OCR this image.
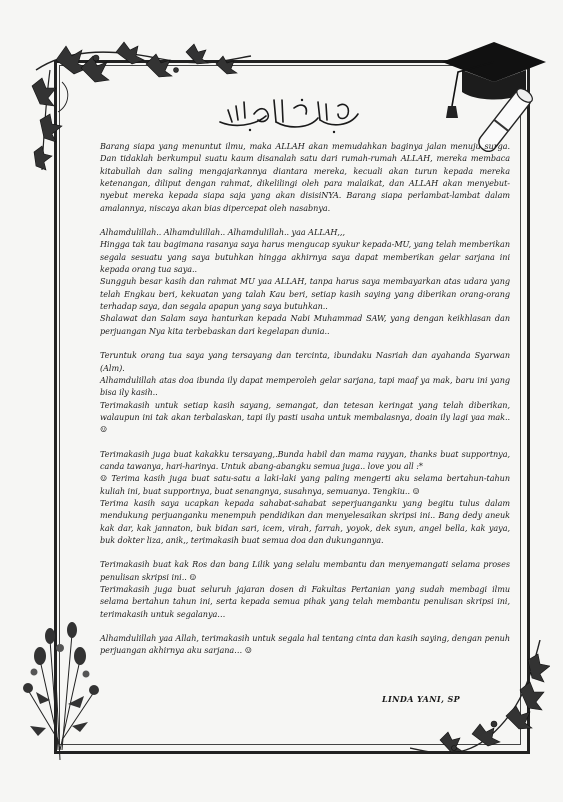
Barang siapa yang menuntut ilmu, maka ALLAH akan memudahkan baginya jalan menuju surga. Dan tidaklah berkumpul suatu kaum disanalah satu dari rumah-rumah ALLAH, mereka membaca kitabullah dan saling mengajarkannya diantara mereka, kecuali akan turun kepada mereka ketenangan, diliput dengan rahmat, dikelilingi oleh para malaikat, dan ALLAH akan menyebut-nyebut mereka kepada siapa saja yang akan disisiNYA. Barang siapa perlambat-lambat dalam amalannya, niscaya akan bias dipercepat oleh nasabnya.

Alhamdulillah.. Alhamdulillah.. Alhamdulillah.. yaa ALLAH,,,

Hingga tak tau bagimana rasanya saya harus mengucap syukur kepada-MU, yang telah memberikan segala sesuatu yang saya butuhkan hingga akhirnya saya dapat memberikan gelar sarjana ini kepada orang tua saya..

Sungguh besar kasih dan rahmat MU yaa ALLAH, tanpa harus saya membayarkan atas udara yang telah Engkau beri, kekuatan yang talah Kau beri, setiap kasih saying yang diberikan orang-orang terhadap saya, dan segala apapun yang saya butuhkan..

Shalawat dan Salam saya hanturkan kepada Nabi Muhammad SAW, yang dengan keikhlasan dan perjuangan Nya kita terbebaskan dari kegelapan dunia..

Teruntuk orang tua saya yang tersayang dan tercinta, ibundaku Nasriah dan ayahanda Syarwan (Alm).

Alhamdulillah atas doa ibunda ily dapat memperoleh gelar sarjana, tapi maaf ya mak, baru ini yang bisa ily kasih..

Terimakasih untuk setiap kasih sayang, semangat, dan tetesan keringat yang telah diberikan, walaupun ini tak akan terbalaskan, tapi ily pasti usaha untuk membalasnya, doain ily lagi yaa mak.. ☺

Terimakasih juga buat kakakku tersayang,.Bunda habil dan mama rayyan, thanks buat supportnya, canda tawanya, hari-harinya. Untuk abang-abangku semua juga.. love you all :*

☺ Terima kasih juga buat satu-satu a laki-laki yang paling mengerti aku selama bertahun-tahun kuliah ini, buat supportnya, buat senangnya, susahnya, semuanya. Tengkiu.. ☺

Terima kasih saya ucapkan kepada sahabat-sahabat seperjuanganku yang begitu tulus dalam mendukung perjuanganku menempuh pendidikan dan menyelesaikan skripsi ini.. Bang dedy aneuk kak dar, kak jannaton, buk bidan sari, icem, virah, farrah, yoyok, dek syun, angel bella, kak yaya, buk dokter liza, anik,, terimakasih buat semua doa dan dukungannya.

Terimakasih buat kak Ros dan bang Lilik yang selalu membantu dan menyemangati selama proses penulisan skripsi ini.. ☺

Terimakasih juga buat seluruh jajaran dosen di Fakultas Pertanian yang sudah membagi ilmu selama bertahun tahun ini, serta kepada semua pihak yang telah membantu penulisan skripsi ini, terimakasih untuk segalanya…

Alhamdulillah yaa Allah, terimakasih untuk segala hal tentang cinta dan kasih saying, dengan penuh perjuangan akhirnya aku sarjana… ☺

LINDA YANI, SP
